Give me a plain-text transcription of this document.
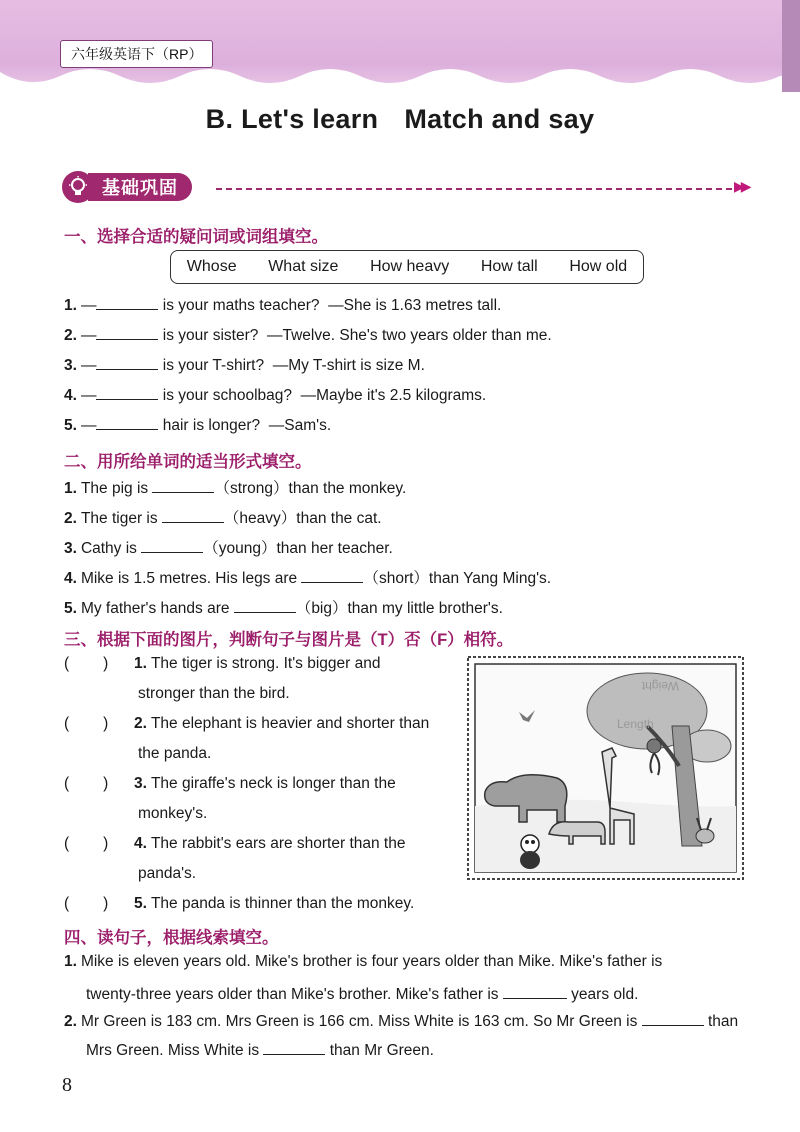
六年级英语下（RP）
B. Let's learn Match and say
基础巩固	▶▶
一、选择合适的疑问词或词组填空。
Whose What size How heavy How tall How old
1. —	is your maths teacher? —She is 1.63 metres tall.
2. —	is your sister? —Twelve. She's two years older than me.
3. —	is your T-shirt? —My T-shirt is size M.
4. —	is your schoolbag? —Maybe it's 2.5 kilograms.
5. —	hair is longer? —Sam's.
二、用所给单词的适当形式填空。
1. The pig is	（strong）than the monkey.
2. The tiger is	（heavy）than the cat.
3. Cathy is	（young）than her teacher.
4. Mike is 1.5 metres. His legs are	（short）than Yang Ming's.
5. My father's hands are	（big）than my little brother's.
三、根据下面的图片，判断句子与图片是（T）否（F）相符。
( ) 1. The tiger is strong. It's bigger and
stronger than the bird.
( ) 2. The elephant is heavier and shorter than
the panda.
( ) 3. The giraffe's neck is longer than the
monkey's.
( ) 4. The rabbit's ears are shorter than the
panda's.
( ) 5. The panda is thinner than the monkey.
Weight
Length
四、读句子，根据线索填空。
1. Mike is eleven years old. Mike's brother is four years older than Mike. Mike's father is
twenty-three years older than Mike's brother. Mike's father is	years old.
2. Mr Green is 183 cm. Mrs Green is 166 cm. Miss White is 163 cm. So Mr Green is	than
Mrs Green. Miss White is	than Mr Green.
8
